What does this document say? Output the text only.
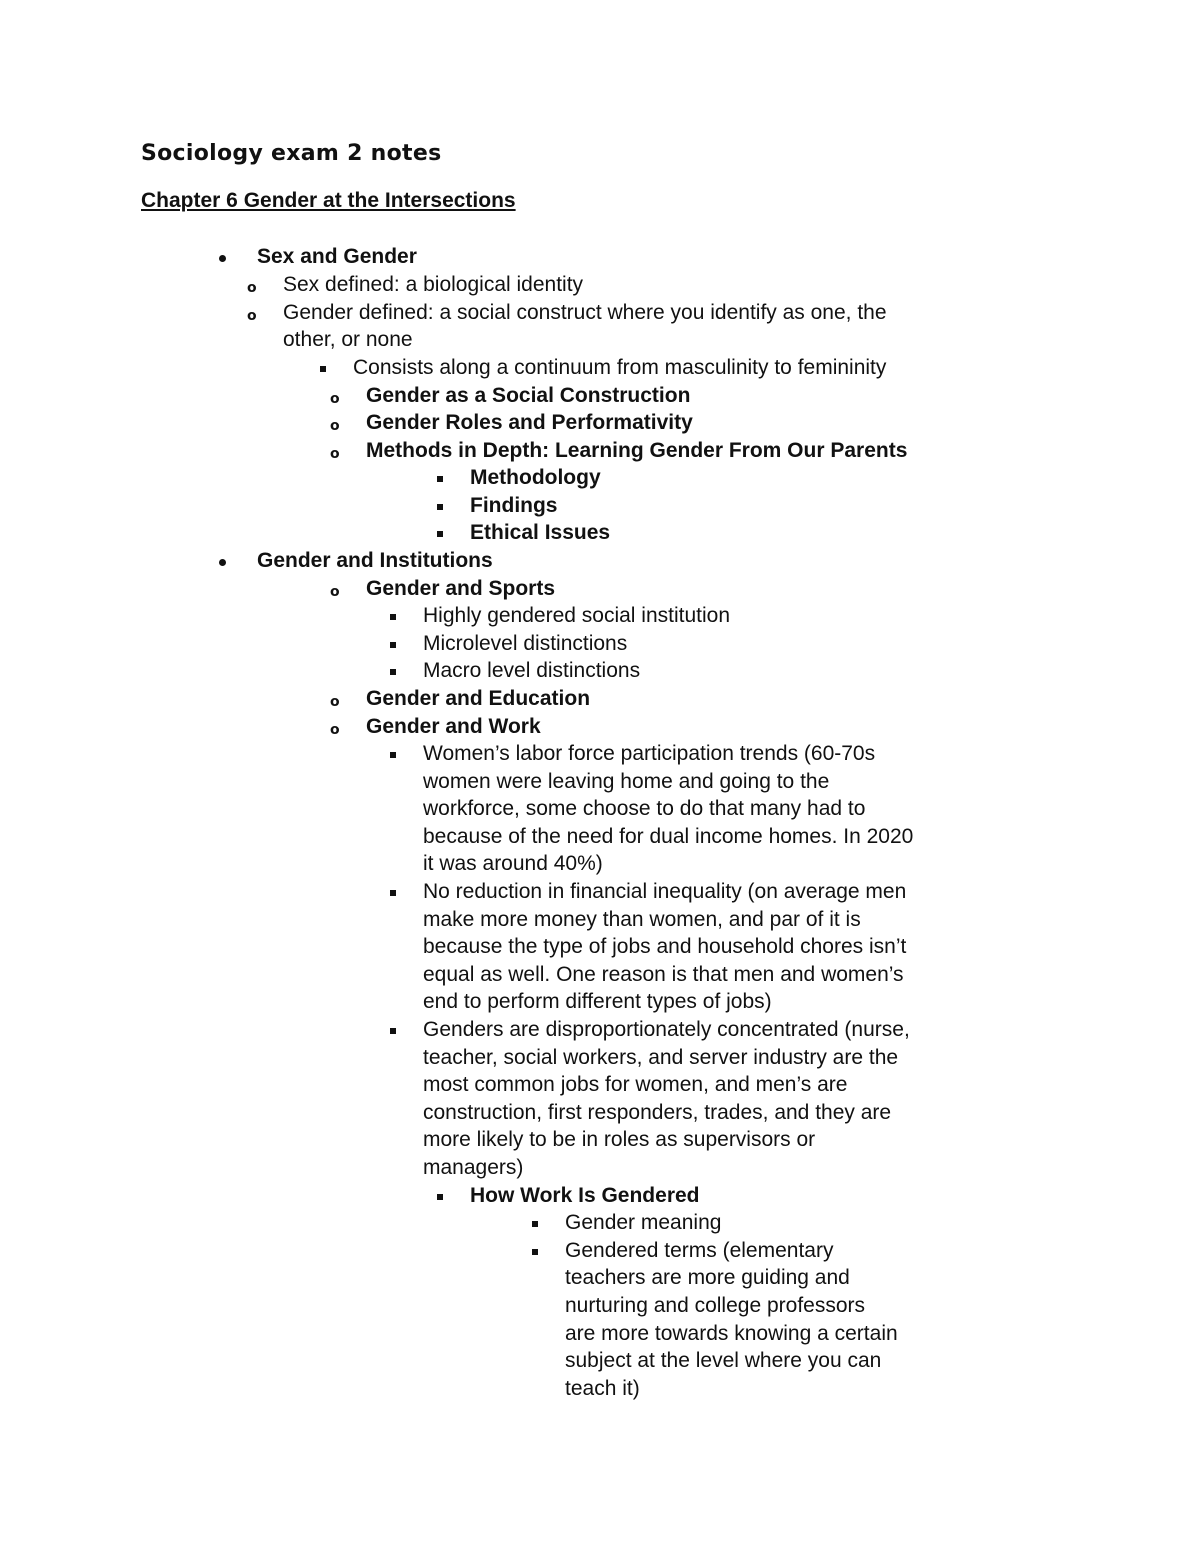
Sociology exam 2 notes
Chapter 6 Gender at the Intersections
Sex and Gender
o Sex defined: a biological identity
o Gender defined: a social construct where you identify as one, the
other, or none
Consists along a continuum from masculinity to femininity
o Gender as a Social Construction
o Gender Roles and Performativity
o Methods in Depth: Learning Gender From Our Parents
Methodology
Findings
Ethical Issues
Gender and Institutions
o Gender and Sports
Highly gendered social institution
Microlevel distinctions
Macro level distinctions
o Gender and Education
o Gender and Work
Women’s labor force participation trends (60-70s
women were leaving home and going to the
workforce, some choose to do that many had to
because of the need for dual income homes. In 2020
it was around 40%)
No reduction in financial inequality (on average men
make more money than women, and par of it is
because the type of jobs and household chores isn’t
equal as well. One reason is that men and women’s
end to perform different types of jobs)
Genders are disproportionately concentrated (nurse,
teacher, social workers, and server industry are the
most common jobs for women, and men’s are
construction, first responders, trades, and they are
more likely to be in roles as supervisors or
managers)
How Work Is Gendered
Gender meaning
Gendered terms (elementary
teachers are more guiding and
nurturing and college professors
are more towards knowing a certain
subject at the level where you can
teach it)
